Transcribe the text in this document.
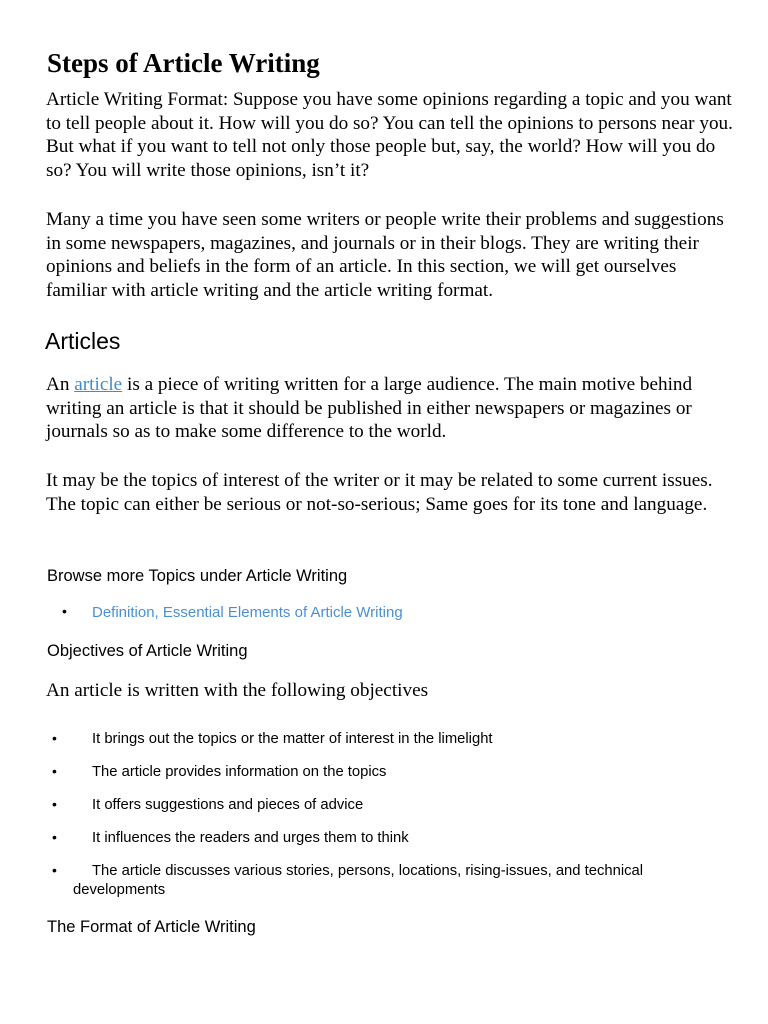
Steps of Article Writing

Article Writing Format: Suppose you have some opinions regarding a topic and you want to tell people about it. How will you do so? You can tell the opinions to persons near you. But what if you want to tell not only those people but, say, the world? How will you do so? You will write those opinions, isn’t it?

Many a time you have seen some writers or people write their problems and suggestions in some newspapers, magazines, and journals or in their blogs. They are writing their opinions and beliefs in the form of an article. In this section, we will get ourselves familiar with article writing and the article writing format.

Articles

An article is a piece of writing written for a large audience. The main motive behind writing an article is that it should be published in either newspapers or magazines or journals so as to make some difference to the world.

It may be the topics of interest of the writer or it may be related to some current issues. The topic can either be serious or not-so-serious; Same goes for its tone and language.

Browse more Topics under Article Writing
•	Definition, Essential Elements of Article Writing
Objectives of Article Writing

An article is written with the following objectives

•	It brings out the topics or the matter of interest in the limelight
•	The article provides information on the topics
•	It offers suggestions and pieces of advice
•	It influences the readers and urges them to think
•	The article discusses various stories, persons, locations, rising-issues, and technical developments
The Format of Article Writing
